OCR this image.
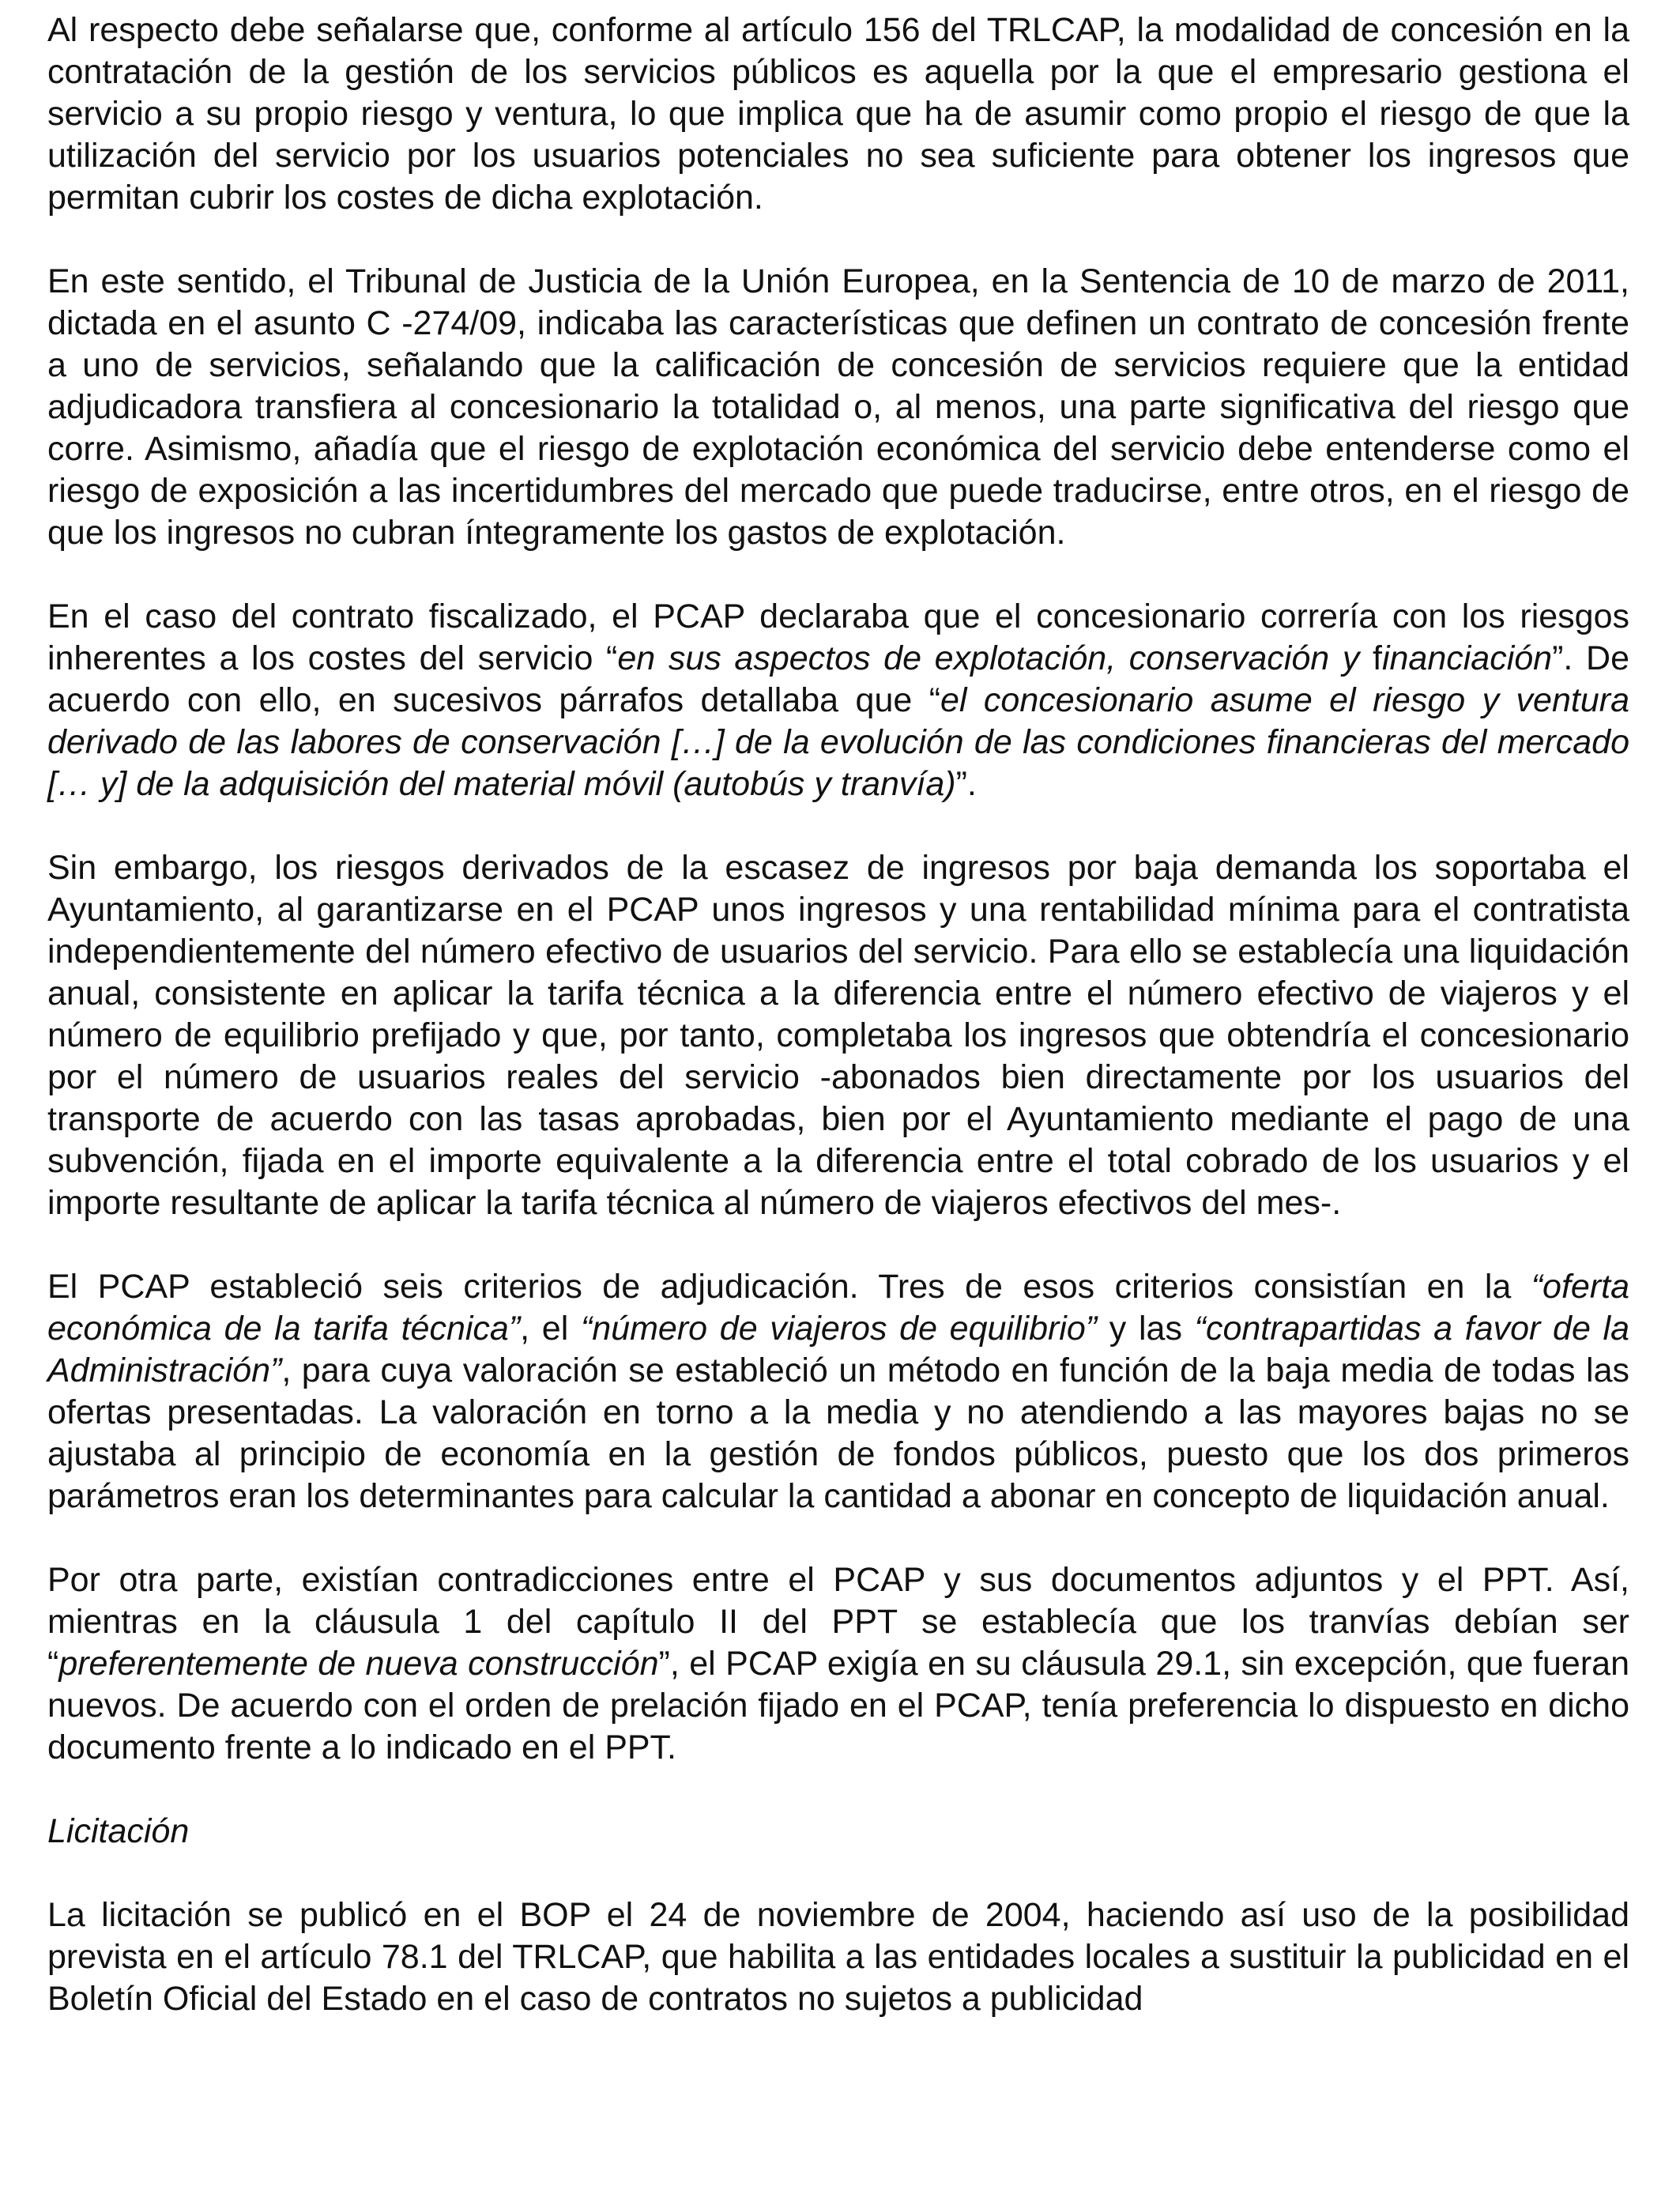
Al respecto debe señalarse que, conforme al artículo 156 del TRLCAP, la modalidad de concesión en la contratación de la gestión de los servicios públicos es aquella por la que el empresario gestiona el servicio a su propio riesgo y ventura, lo que implica que ha de asumir como propio el riesgo de que la utilización del servicio por los usuarios potenciales no sea suficiente para obtener los ingresos que permitan cubrir los costes de dicha explotación.

En este sentido, el Tribunal de Justicia de la Unión Europea, en la Sentencia de 10 de marzo de 2011, dictada en el asunto C -274/09, indicaba las características que definen un contrato de concesión frente a uno de servicios, señalando que la calificación de concesión de servicios requiere que la entidad adjudicadora transfiera al concesionario la totalidad o, al menos, una parte significativa del riesgo que corre. Asimismo, añadía que el riesgo de explotación económica del servicio debe entenderse como el riesgo de exposición a las incertidumbres del mercado que puede traducirse, entre otros, en el riesgo de que los ingresos no cubran íntegramente los gastos de explotación.

En el caso del contrato fiscalizado, el PCAP declaraba que el concesionario correría con los riesgos inherentes a los costes del servicio “en sus aspectos de explotación, conservación y financiación”. De acuerdo con ello, en sucesivos párrafos detallaba que “el concesionario asume el riesgo y ventura derivado de las labores de conservación […] de la evolución de las condiciones financieras del mercado [… y] de la adquisición del material móvil (autobús y tranvía)”.

Sin embargo, los riesgos derivados de la escasez de ingresos por baja demanda los soportaba el Ayuntamiento, al garantizarse en el PCAP unos ingresos y una rentabilidad mínima para el contratista independientemente del número efectivo de usuarios del servicio. Para ello se establecía una liquidación anual, consistente en aplicar la tarifa técnica a la diferencia entre el número efectivo de viajeros y el número de equilibrio prefijado y que, por tanto, completaba los ingresos que obtendría el concesionario por el número de usuarios reales del servicio -abonados bien directamente por los usuarios del transporte de acuerdo con las tasas aprobadas, bien por el Ayuntamiento mediante el pago de una subvención, fijada en el importe equivalente a la diferencia entre el total cobrado de los usuarios y el importe resultante de aplicar la tarifa técnica al número de viajeros efectivos del mes-.

El PCAP estableció seis criterios de adjudicación. Tres de esos criterios consistían en la “oferta económica de la tarifa técnica”, el “número de viajeros de equilibrio” y las “contrapartidas a favor de la Administración”, para cuya valoración se estableció un método en función de la baja media de todas las ofertas presentadas. La valoración en torno a la media y no atendiendo a las mayores bajas no se ajustaba al principio de economía en la gestión de fondos públicos, puesto que los dos primeros parámetros eran los determinantes para calcular la cantidad a abonar en concepto de liquidación anual.

Por otra parte, existían contradicciones entre el PCAP y sus documentos adjuntos y el PPT. Así, mientras en la cláusula 1 del capítulo II del PPT se establecía que los tranvías debían ser “preferentemente de nueva construcción”, el PCAP exigía en su cláusula 29.1, sin excepción, que fueran nuevos. De acuerdo con el orden de prelación fijado en el PCAP, tenía preferencia lo dispuesto en dicho documento frente a lo indicado en el PPT.

Licitación

La licitación se publicó en el BOP el 24 de noviembre de 2004, haciendo así uso de la posibilidad prevista en el artículo 78.1 del TRLCAP, que habilita a las entidades locales a sustituir la publicidad en el Boletín Oficial del Estado en el caso de contratos no sujetos a publicidad
